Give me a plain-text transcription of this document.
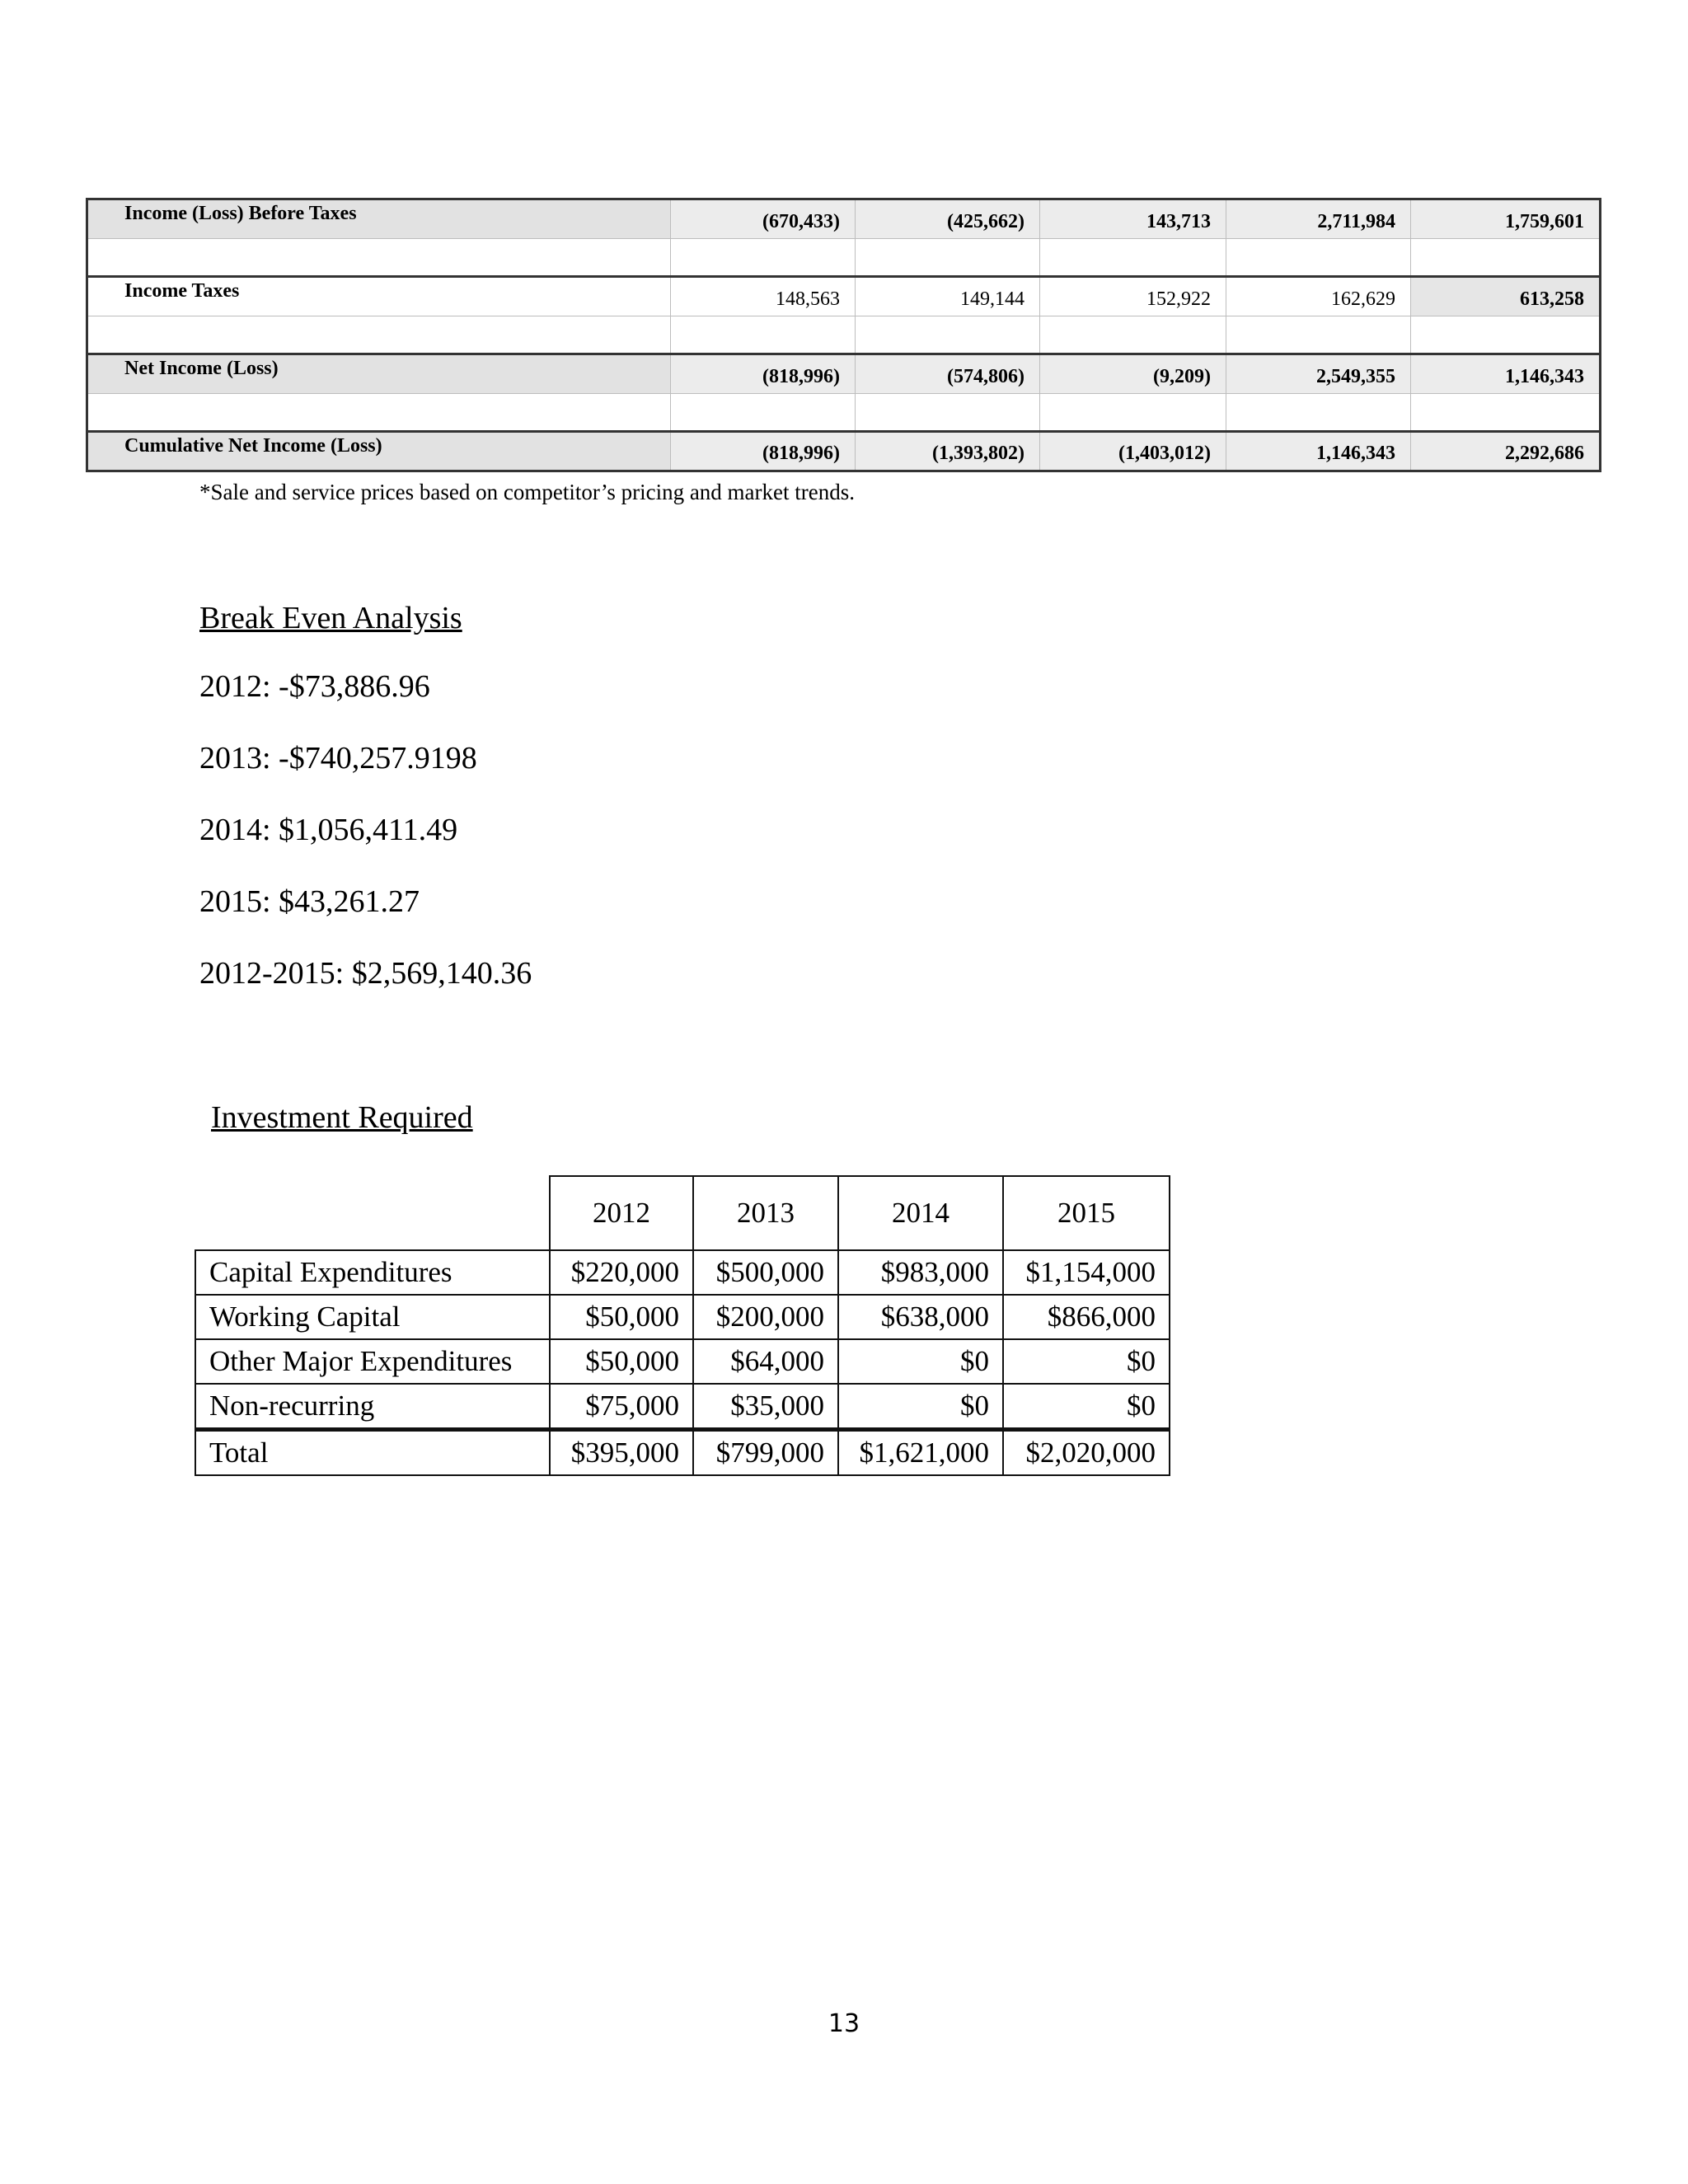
Income (Loss) Before Taxes	(670,433)	(425,662)	143,713	2,711,984	1,759,601

Income Taxes	148,563	149,144	152,922	162,629	613,258

Net Income (Loss)	(818,996)	(574,806)	(9,209)	2,549,355	1,146,343

Cumulative Net Income (Loss)	(818,996)	(1,393,802)	(1,403,012)	1,146,343	2,292,686
*Sale and service prices based on competitor’s pricing and market trends.
Break Even Analysis
2012: -$73,886.96
2013: -$740,257.9198
2014: $1,056,411.49
2015: $43,261.27
2012-2015: $2,569,140.36
Investment Required
	2012	2013	2014	2015
Capital Expenditures	$220,000	$500,000	$983,000	$1,154,000
Working Capital	$50,000	$200,000	$638,000	$866,000
Other Major Expenditures	$50,000	$64,000	$0	$0
Non-recurring	$75,000	$35,000	$0	$0
Total	$395,000	$799,000	$1,621,000	$2,020,000
13
